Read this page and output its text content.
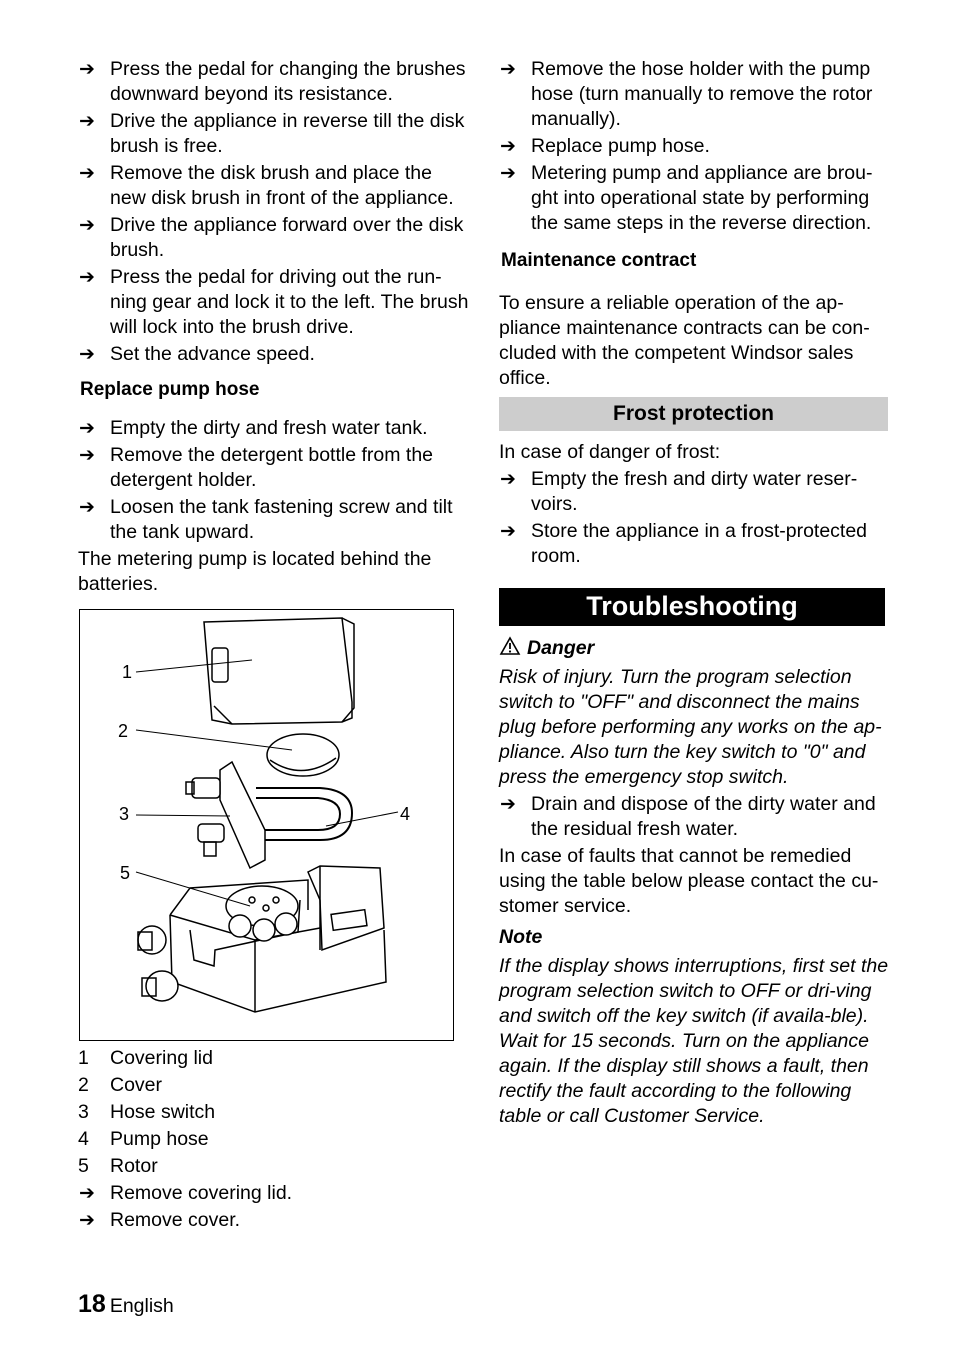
➔ Press the pedal for changing the brushes downward beyond its resistance.
➔ Drive the appliance in reverse till the disk brush is free.
➔ Remove the disk brush and place the new disk brush in front of the appliance.
➔ Drive the appliance forward over the disk brush.
➔ Press the pedal for driving out the run-ning gear and lock it to the left. The brush will lock into the brush drive.
➔ Set the advance speed.
Replace pump hose
➔ Empty the dirty and fresh water tank.
➔ Remove the detergent bottle from the detergent holder.
➔ Loosen the tank fastening screw and tilt the tank upward.
The metering pump is located behind the batteries.
1
2
3	4
5
1	Covering lid
2	Cover
3	Hose switch
4	Pump hose
5	Rotor
➔ Remove covering lid.
➔ Remove cover.
➔ Remove the hose holder with the pump hose (turn manually to remove the rotor manually).
➔ Replace pump hose.
➔ Metering pump and appliance are brou-ght into operational state by performing the same steps in the reverse direction.
Maintenance contract
To ensure a reliable operation of the ap-pliance maintenance contracts can be con-cluded with the competent Windsor sales office.
Frost protection
In case of danger of frost:
➔ Empty the fresh and dirty water reser-voirs.
➔ Store the appliance in a frost-protected room.
Troubleshooting
Danger
Risk of injury. Turn the program selection switch to "OFF" and disconnect the mains plug before performing any works on the ap-pliance. Also turn the key switch to "0" and press the emergency stop switch.
➔ Drain and dispose of the dirty water and the residual fresh water.
In case of faults that cannot be remedied using the table below please contact the cu-stomer service.
Note
If the display shows interruptions, first set the program selection switch to OFF or dri-ving and switch off the key switch (if availa-ble). Wait for 15 seconds. Turn on the appliance again. If the display still shows a fault, then rectify the fault according to the following table or call Customer Service.
18 English
